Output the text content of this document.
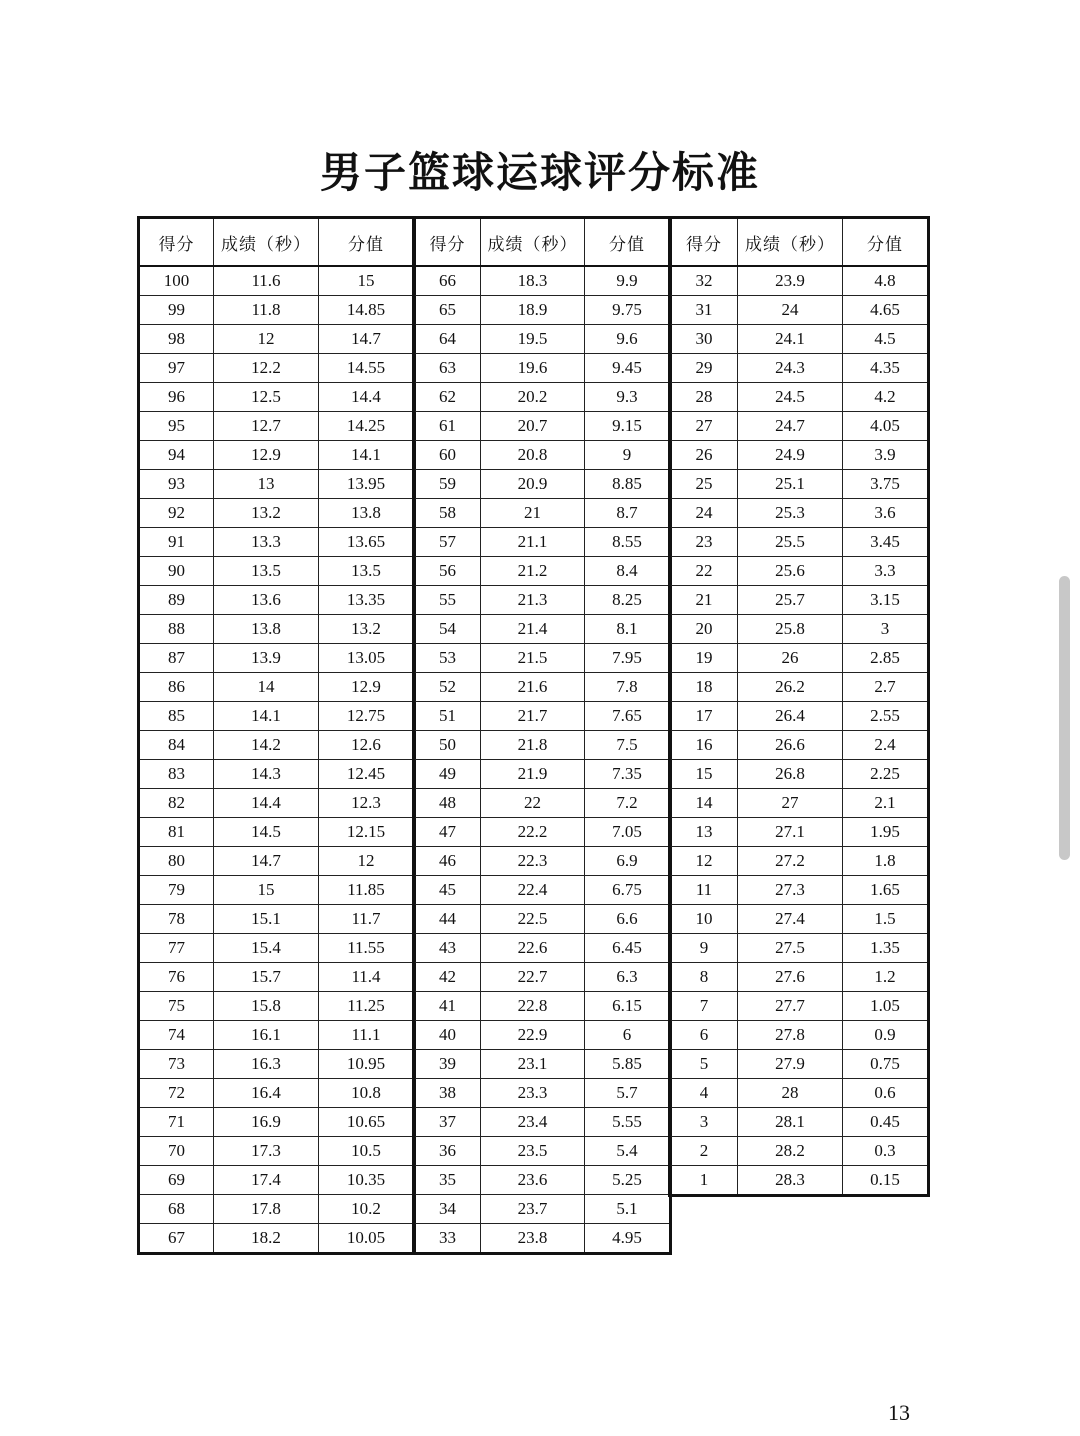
男子篮球运球评分标准
得分	成绩（秒）	分值
100	11.6	15
99	11.8	14.85
98	12	14.7
97	12.2	14.55
96	12.5	14.4
95	12.7	14.25
94	12.9	14.1
93	13	13.95
92	13.2	13.8
91	13.3	13.65
90	13.5	13.5
89	13.6	13.35
88	13.8	13.2
87	13.9	13.05
86	14	12.9
85	14.1	12.75
84	14.2	12.6
83	14.3	12.45
82	14.4	12.3
81	14.5	12.15
80	14.7	12
79	15	11.85
78	15.1	11.7
77	15.4	11.55
76	15.7	11.4
75	15.8	11.25
74	16.1	11.1
73	16.3	10.95
72	16.4	10.8
71	16.9	10.65
70	17.3	10.5
69	17.4	10.35
68	17.8	10.2
67	18.2	10.05
得分	成绩（秒）	分值
66	18.3	9.9
65	18.9	9.75
64	19.5	9.6
63	19.6	9.45
62	20.2	9.3
61	20.7	9.15
60	20.8	9
59	20.9	8.85
58	21	8.7
57	21.1	8.55
56	21.2	8.4
55	21.3	8.25
54	21.4	8.1
53	21.5	7.95
52	21.6	7.8
51	21.7	7.65
50	21.8	7.5
49	21.9	7.35
48	22	7.2
47	22.2	7.05
46	22.3	6.9
45	22.4	6.75
44	22.5	6.6
43	22.6	6.45
42	22.7	6.3
41	22.8	6.15
40	22.9	6
39	23.1	5.85
38	23.3	5.7
37	23.4	5.55
36	23.5	5.4
35	23.6	5.25
34	23.7	5.1
33	23.8	4.95
得分	成绩（秒）	分值
32	23.9	4.8
31	24	4.65
30	24.1	4.5
29	24.3	4.35
28	24.5	4.2
27	24.7	4.05
26	24.9	3.9
25	25.1	3.75
24	25.3	3.6
23	25.5	3.45
22	25.6	3.3
21	25.7	3.15
20	25.8	3
19	26	2.85
18	26.2	2.7
17	26.4	2.55
16	26.6	2.4
15	26.8	2.25
14	27	2.1
13	27.1	1.95
12	27.2	1.8
11	27.3	1.65
10	27.4	1.5
9	27.5	1.35
8	27.6	1.2
7	27.7	1.05
6	27.8	0.9
5	27.9	0.75
4	28	0.6
3	28.1	0.45
2	28.2	0.3
1	28.3	0.15
13
